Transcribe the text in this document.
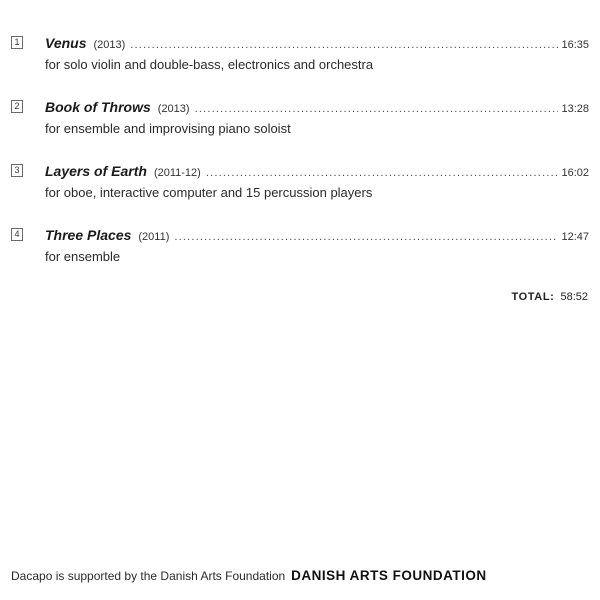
1 Venus (2013) .....	16:35
for solo violin and double-bass, electronics and orchestra
2 Book of Throws (2013) .....	13:28
for ensemble and improvising piano soloist
3 Layers of Earth (2011-12) .....	16:02
for oboe, interactive computer and 15 percussion players
4 Three Places (2011) .....	12:47
for ensemble
TOTAL: 58:52
Dacapo is supported by the Danish Arts Foundation DANISH ARTS FOUNDATION
